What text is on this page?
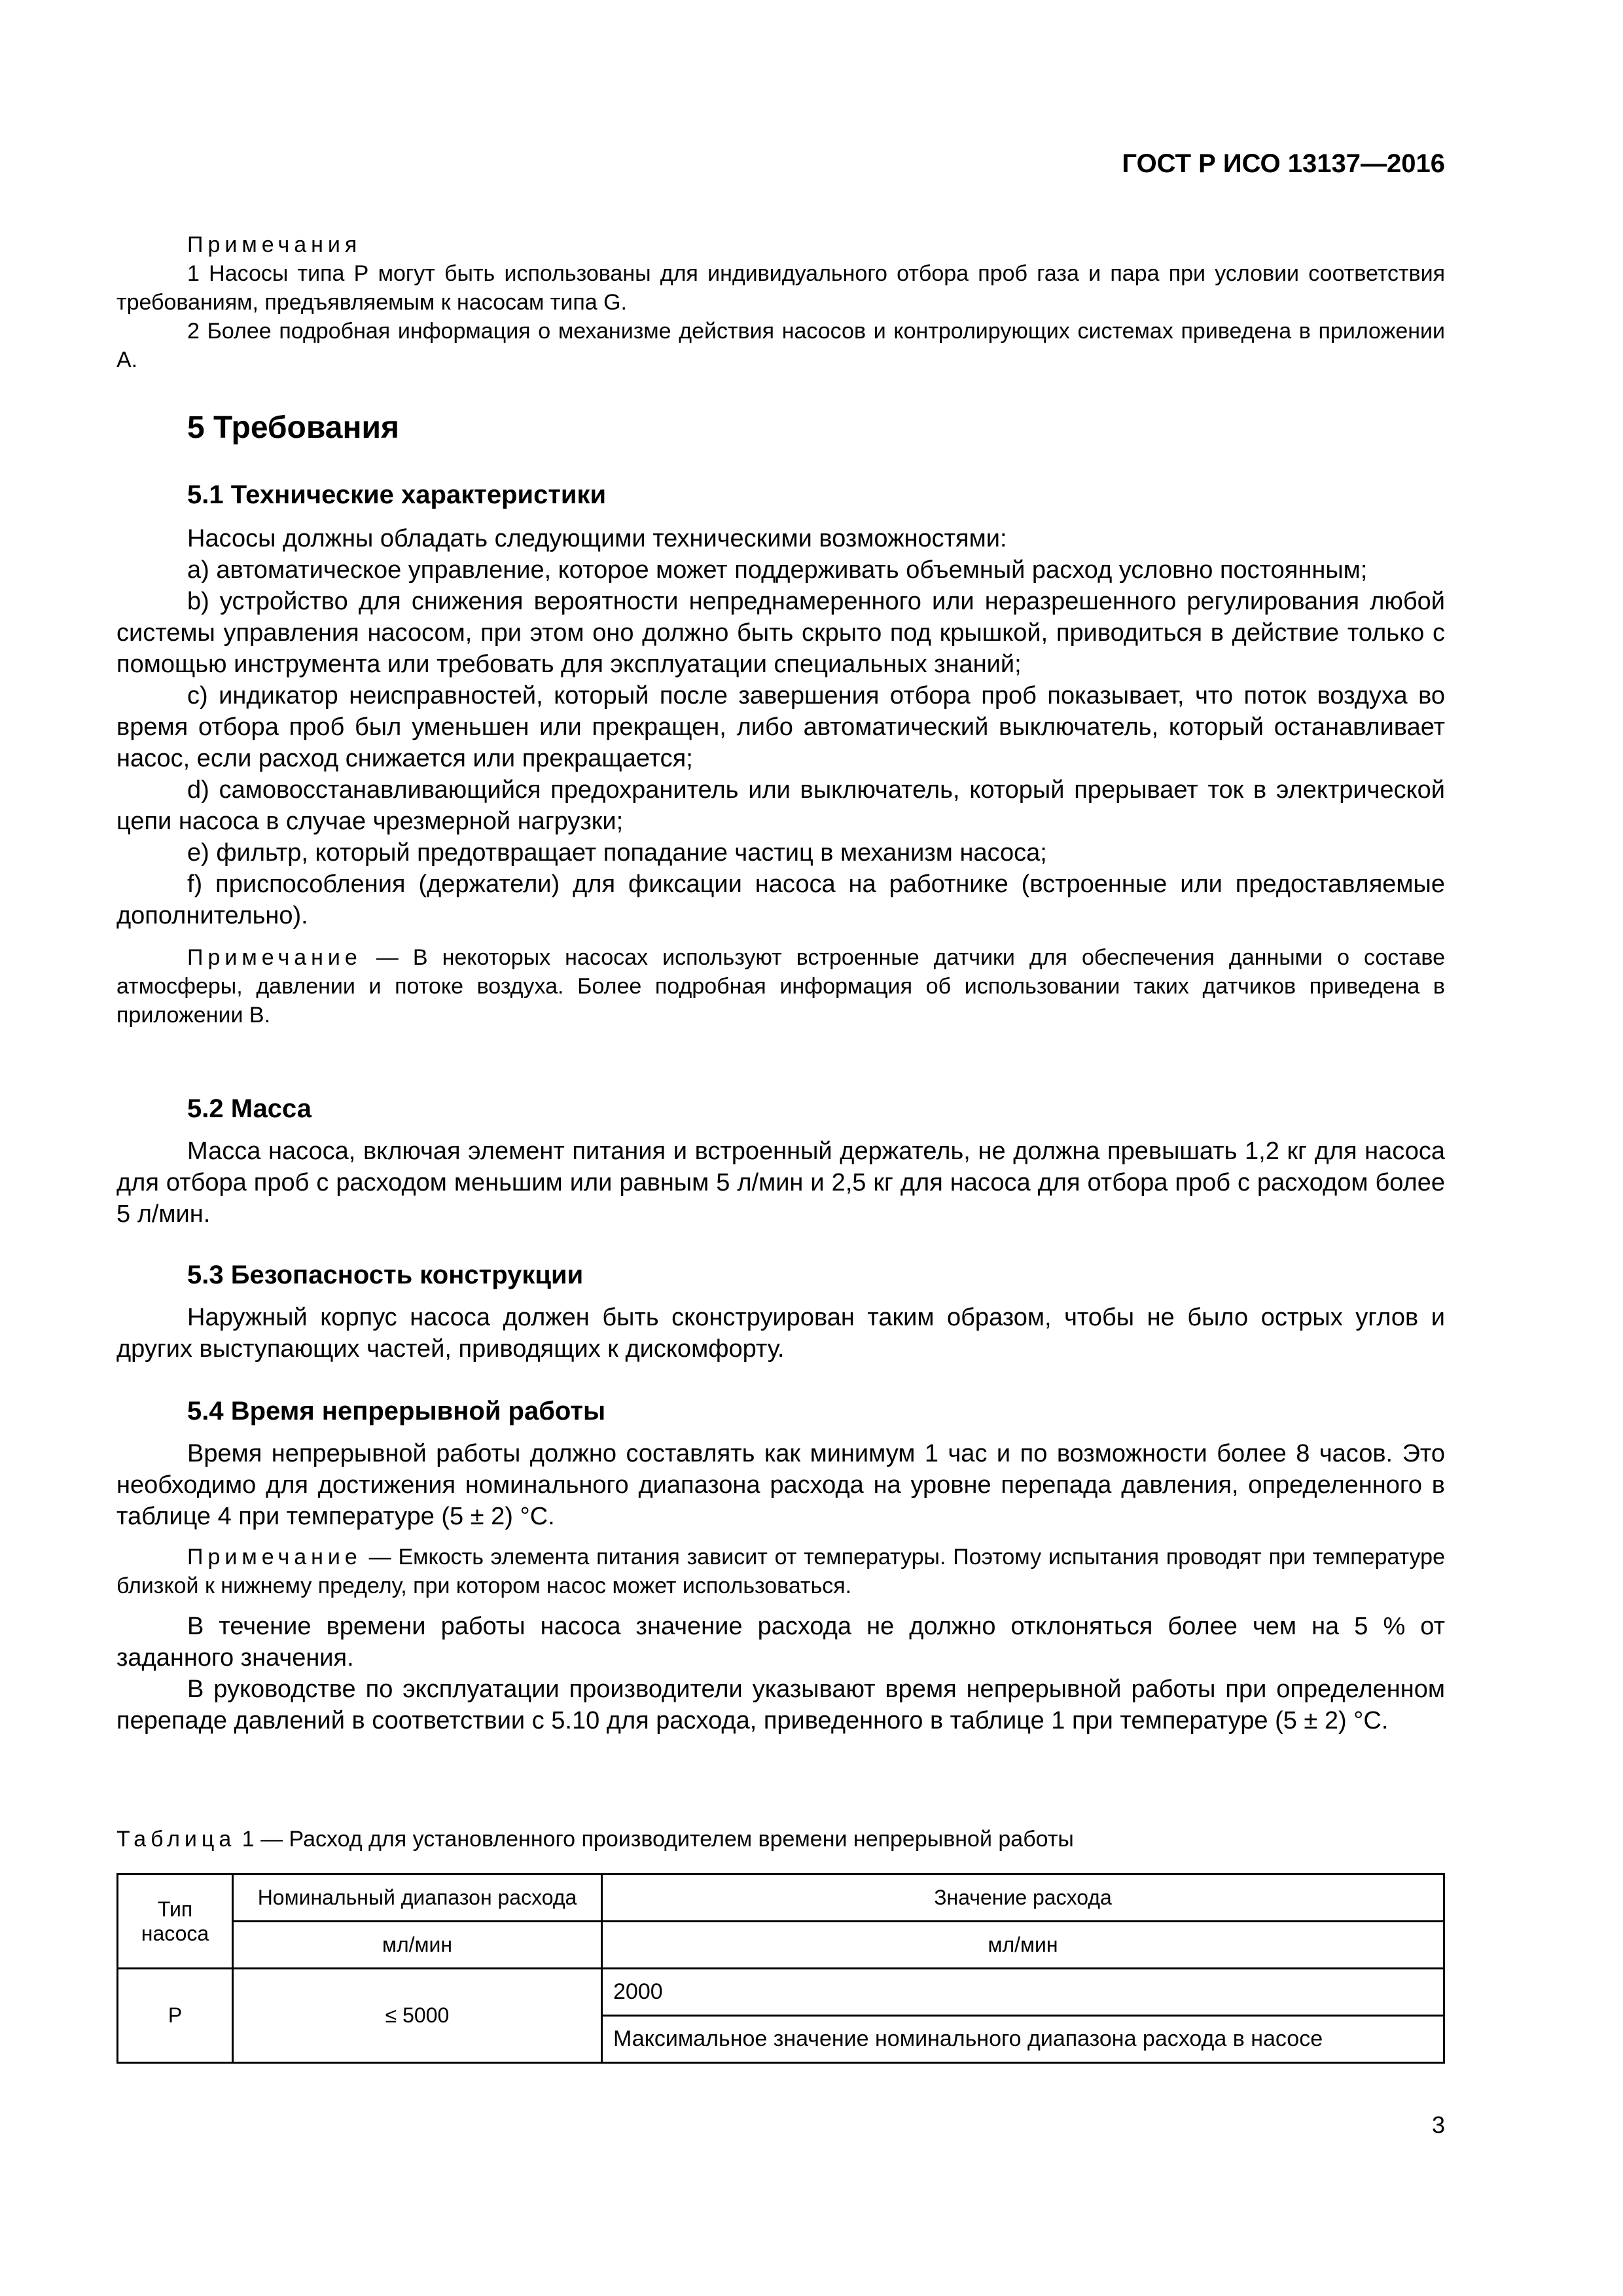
ГОСТ Р ИСО 13137—2016

Примечания

1 Насосы типа Р могут быть использованы для индивидуального отбора проб газа и пара при условии соответствия требованиям, предъявляемым к насосам типа G.

2 Более подробная информация о механизме действия насосов и контролирующих системах приведена в приложении А.

5 Требования
5.1 Технические характеристики

Насосы должны обладать следующими техническими возможностями:

a) автоматическое управление, которое может поддерживать объемный расход условно постоянным;

b) устройство для снижения вероятности непреднамеренного или неразрешенного регулирования любой системы управления насосом, при этом оно должно быть скрыто под крышкой, приводиться в действие только с помощью инструмента или требовать для эксплуатации специальных знаний;

c) индикатор неисправностей, который после завершения отбора проб показывает, что поток воздуха во время отбора проб был уменьшен или прекращен, либо автоматический выключатель, который останавливает насос, если расход снижается или прекращается;

d) самовосстанавливающийся предохранитель или выключатель, который прерывает ток в электрической цепи насоса в случае чрезмерной нагрузки;

e) фильтр, который предотвращает попадание частиц в механизм насоса;

f) приспособления (держатели) для фиксации насоса на работнике (встроенные или предоставляемые дополнительно).

Примечание — В некоторых насосах используют встроенные датчики для обеспечения данными о составе атмосферы, давлении и потоке воздуха. Более подробная информация об использовании таких датчиков приведена в приложении В.

5.2 Масса

Масса насоса, включая элемент питания и встроенный держатель, не должна превышать 1,2 кг для насоса для отбора проб с расходом меньшим или равным 5 л/мин и 2,5 кг для насоса для отбора проб с расходом более 5 л/мин.

5.3 Безопасность конструкции

Наружный корпус насоса должен быть сконструирован таким образом, чтобы не было острых углов и других выступающих частей, приводящих к дискомфорту.

5.4 Время непрерывной работы

Время непрерывной работы должно составлять как минимум 1 час и по возможности более 8 часов. Это необходимо для достижения номинального диапазона расхода на уровне перепада давления, определенного в таблице 4 при температуре (5 ± 2) °С.

Примечание — Емкость элемента питания зависит от температуры. Поэтому испытания проводят при температуре близкой к нижнему пределу, при котором насос может использоваться.

В течение времени работы насоса значение расхода не должно отклоняться более чем на 5 % от заданного значения.

В руководстве по эксплуатации производители указывают время непрерывной работы при определенном перепаде давлений в соответствии с 5.10 для расхода, приведенного в таблице 1 при температуре (5 ± 2) °С.

Таблица 1 — Расход для установленного производителем времени непрерывной работы

Тип насоса	Номинальный диапазон расхода	Значение расхода
	мл/мин	мл/мин
Р	≤ 5000	2000
		Максимальное значение номинального диапазона расхода в насосе
3
